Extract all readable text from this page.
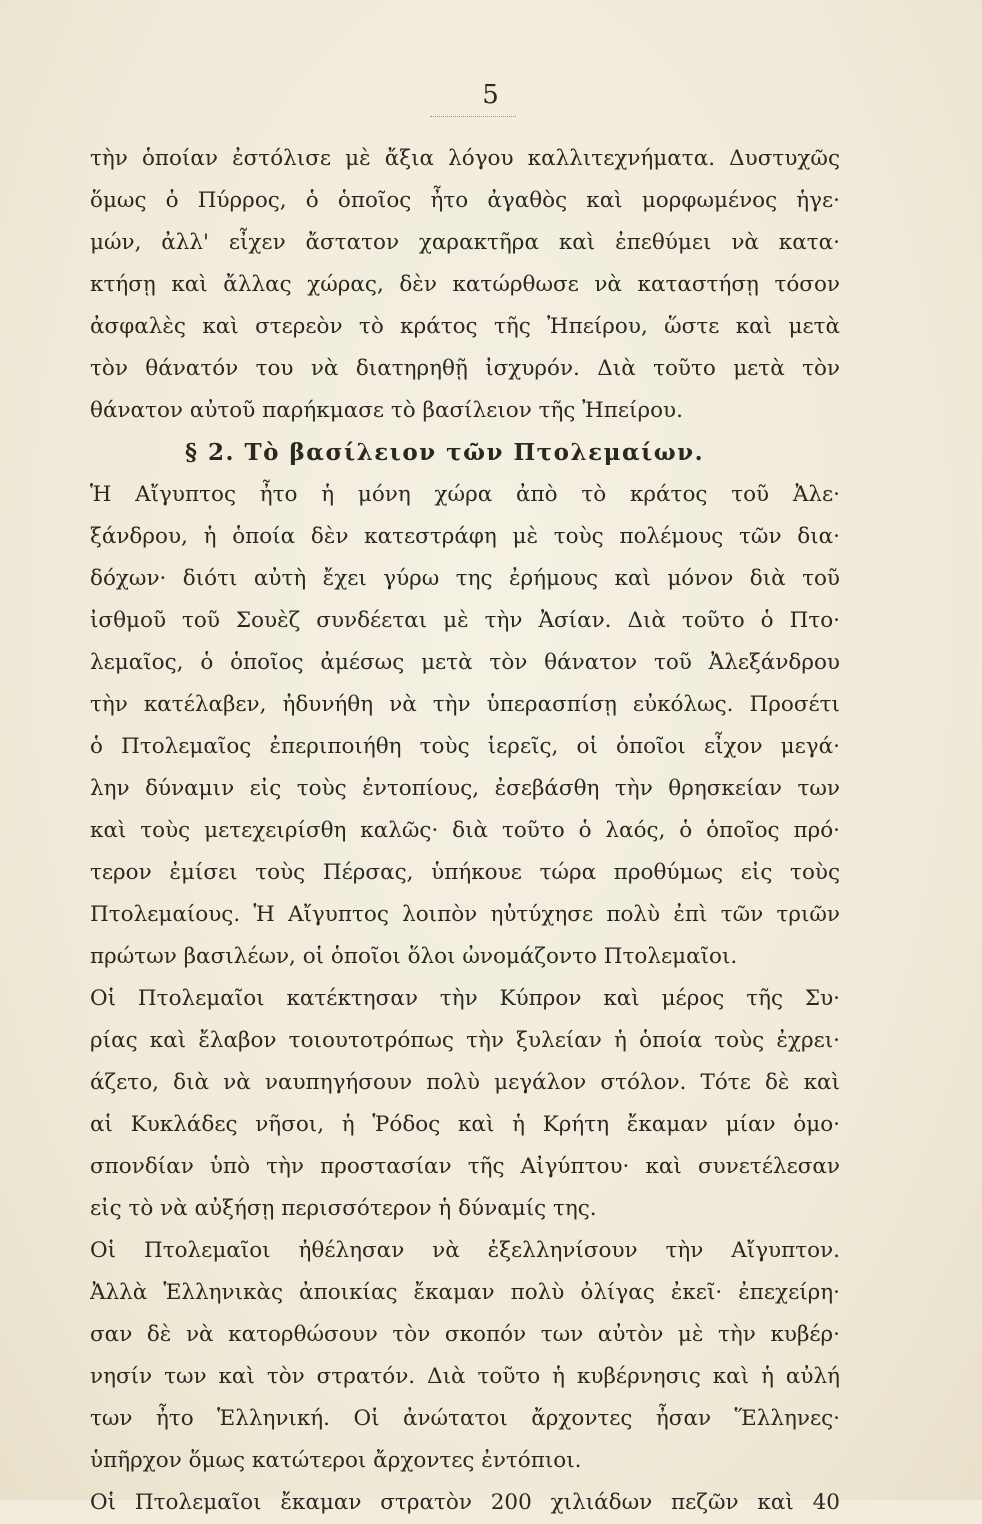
5
τὴν ὁποίαν ἐστόλισε μὲ ἄξια λόγου καλλιτεχνήματα. Δυστυχῶς
ὅμως ὁ Πύρρος, ὁ ὁποῖος ἦτο ἀγαθὸς καὶ μορφωμένος ἡγε·
μών, ἀλλ' εἶχεν ἄστατον χαρακτῆρα καὶ ἐπεθύμει νὰ κατα·
κτήσῃ καὶ ἄλλας χώρας, δὲν κατώρθωσε νὰ καταστήσῃ τόσον
ἀσφαλὲς καὶ στερεὸν τὸ κράτος τῆς Ἠπείρου, ὥστε καὶ μετὰ
τὸν θάνατόν του νὰ διατηρηθῇ ἰσχυρόν. Διὰ τοῦτο μετὰ τὸν
θάνατον αὐτοῦ παρήκμασε τὸ βασίλειον τῆς Ἠπείρου.
§ 2. Τὸ βασίλειον τῶν Πτολεμαίων.
Ἡ Αἴγυπτος ἦτο ἡ μόνη χώρα ἀπὸ τὸ κράτος τοῦ Ἀλε·
ξάνδρου, ἡ ὁποία δὲν κατεστράφη μὲ τοὺς πολέμους τῶν δια·
δόχων· διότι αὐτὴ ἔχει γύρω της ἐρήμους καὶ μόνον διὰ τοῦ
ἰσθμοῦ τοῦ Σουὲζ συνδέεται μὲ τὴν Ἀσίαν. Διὰ τοῦτο ὁ Πτο·
λεμαῖος, ὁ ὁποῖος ἀμέσως μετὰ τὸν θάνατον τοῦ Ἀλεξάνδρου
τὴν κατέλαβεν, ἠδυνήθη νὰ τὴν ὑπερασπίσῃ εὐκόλως. Προσέτι
ὁ Πτολεμαῖος ἐπεριποιήθη τοὺς ἱερεῖς, οἱ ὁποῖοι εἶχον μεγά·
λην δύναμιν εἰς τοὺς ἐντοπίους, ἐσεβάσθη τὴν θρησκείαν των
καὶ τοὺς μετεχειρίσθη καλῶς· διὰ τοῦτο ὁ λαός, ὁ ὁποῖος πρό·
τερον ἐμίσει τοὺς Πέρσας, ὑπήκουε τώρα προθύμως εἰς τοὺς
Πτολεμαίους. Ἡ Αἴγυπτος λοιπὸν ηὐτύχησε πολὺ ἐπὶ τῶν τριῶν
πρώτων βασιλέων, οἱ ὁποῖοι ὅλοι ὠνομάζοντο Πτολεμαῖοι.
Οἱ Πτολεμαῖοι κατέκτησαν τὴν Κύπρον καὶ μέρος τῆς Συ·
ρίας καὶ ἔλαβον τοιουτοτρόπως τὴν ξυλείαν ἡ ὁποία τοὺς ἐχρει·
άζετο, διὰ νὰ ναυπηγήσουν πολὺ μεγάλον στόλον. Τότε δὲ καὶ
αἱ Κυκλάδες νῆσοι, ἡ Ῥόδος καὶ ἡ Κρήτη ἔκαμαν μίαν ὁμο·
σπονδίαν ὑπὸ τὴν προστασίαν τῆς Αἰγύπτου· καὶ συνετέλεσαν
εἰς τὸ νὰ αὐξήσῃ περισσότερον ἡ δύναμίς της.
Οἱ Πτολεμαῖοι ἠθέλησαν νὰ ἐξελληνίσουν τὴν Αἴγυπτον.
Ἀλλὰ Ἑλληνικὰς ἀποικίας ἔκαμαν πολὺ ὀλίγας ἐκεῖ· ἐπεχείρη·
σαν δὲ νὰ κατορθώσουν τὸν σκοπόν των αὐτὸν μὲ τὴν κυβέρ·
νησίν των καὶ τὸν στρατόν. Διὰ τοῦτο ἡ κυβέρνησις καὶ ἡ αὐλή
των ἦτο Ἑλληνική. Οἱ ἀνώτατοι ἄρχοντες ἦσαν Ἕλληνες·
ὑπῆρχον ὅμως κατώτεροι ἄρχοντες ἐντόπιοι.
Οἱ Πτολεμαῖοι ἔκαμαν στρατὸν 200 χιλιάδων πεζῶν καὶ 40
